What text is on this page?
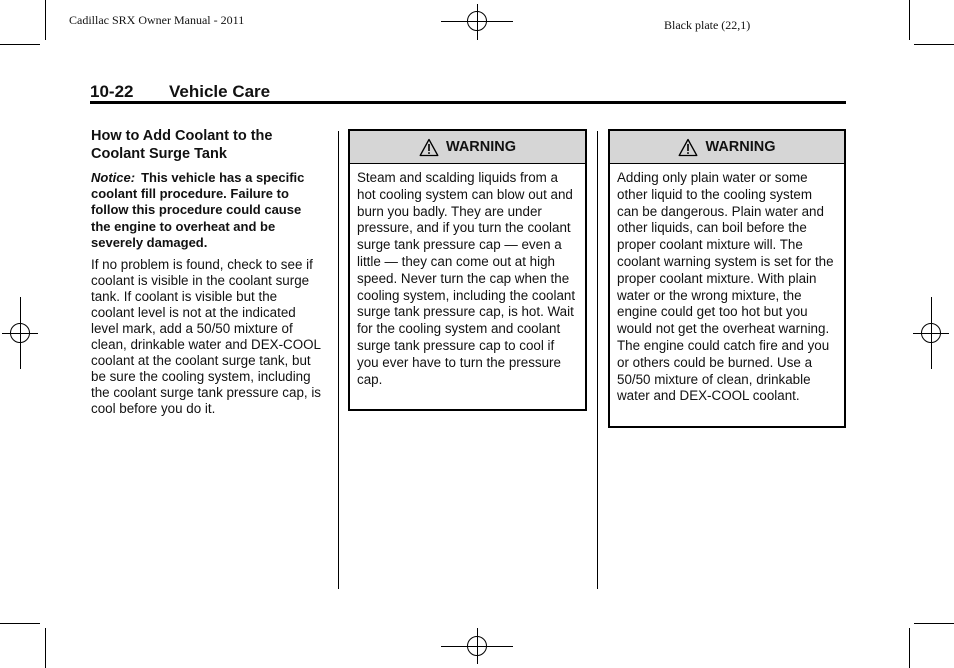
Cadillac SRX Owner Manual - 2011	Black plate (22,1)
10-22 Vehicle Care
How to Add Coolant to the Coolant Surge Tank

Notice: This vehicle has a specific coolant fill procedure. Failure to follow this procedure could cause the engine to overheat and be severely damaged.

If no problem is found, check to see if coolant is visible in the coolant surge tank. If coolant is visible but the coolant level is not at the indicated level mark, add a 50/50 mixture of clean, drinkable water and DEX-COOL coolant at the coolant surge tank, but be sure the cooling system, including the coolant surge tank pressure cap, is cool before you do it.

WARNING
Steam and scalding liquids from a hot cooling system can blow out and burn you badly. They are under pressure, and if you turn the coolant surge tank pressure cap — even a little — they can come out at high speed. Never turn the cap when the cooling system, including the coolant surge tank pressure cap, is hot. Wait for the cooling system and coolant surge tank pressure cap to cool if you ever have to turn the pressure cap.
WARNING
Adding only plain water or some other liquid to the cooling system can be dangerous. Plain water and other liquids, can boil before the proper coolant mixture will. The coolant warning system is set for the proper coolant mixture. With plain water or the wrong mixture, the engine could get too hot but you would not get the overheat warning. The engine could catch fire and you or others could be burned. Use a 50/50 mixture of clean, drinkable water and DEX-COOL coolant.
